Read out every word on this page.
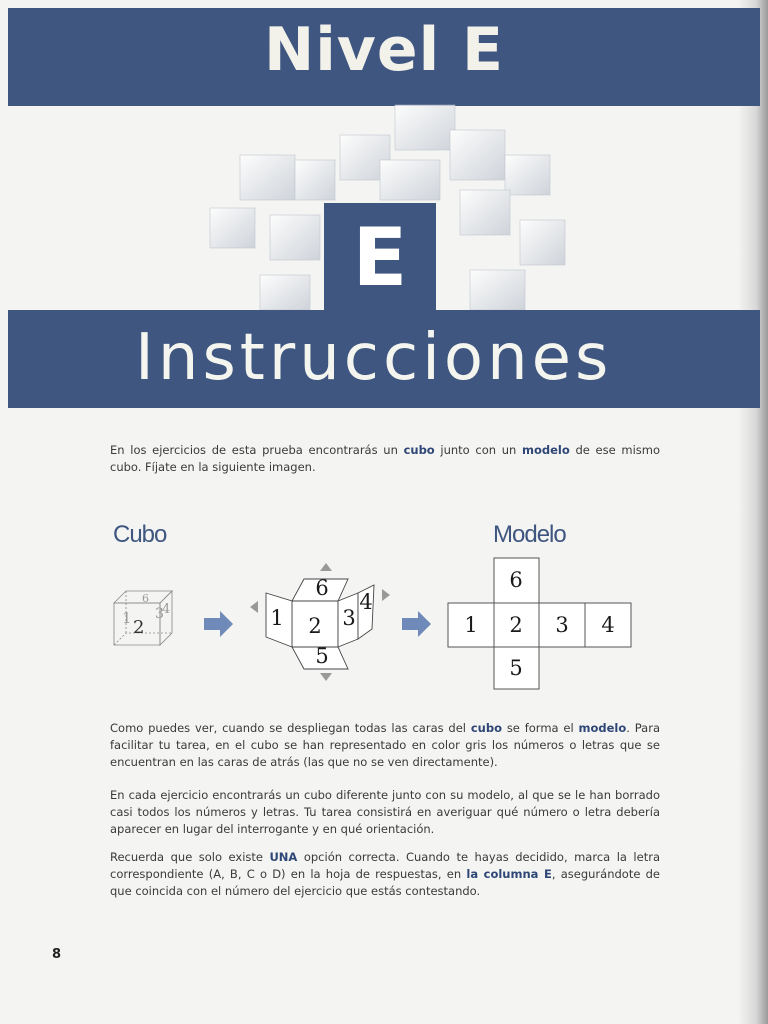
Nivel E
E
Instrucciones
En los ejercicios de esta prueba encontrarás un cubo junto con un modelo de ese mismo cubo. Fíjate en la siguiente imagen.
Cubo	Modelo
1 2
3
4
6
1 2 3
4
6
5
6
1 2 3 4
5
Como puedes ver, cuando se despliegan todas las caras del cubo se forma el modelo. Para facilitar tu tarea, en el cubo se han representado en color gris los números o letras que se encuentran en las caras de atrás (las que no se ven directamente).
En cada ejercicio encontrarás un cubo diferente junto con su modelo, al que se le han borrado casi todos los números y letras. Tu tarea consistirá en averiguar qué número o letra debería aparecer en lugar del interrogante y en qué orientación.
Recuerda que solo existe UNA opción correcta. Cuando te hayas decidido, marca la letra correspondiente (A, B, C o D) en la hoja de respuestas, en la columna E, asegurándote de que coincida con el número del ejercicio que estás contestando.
8
